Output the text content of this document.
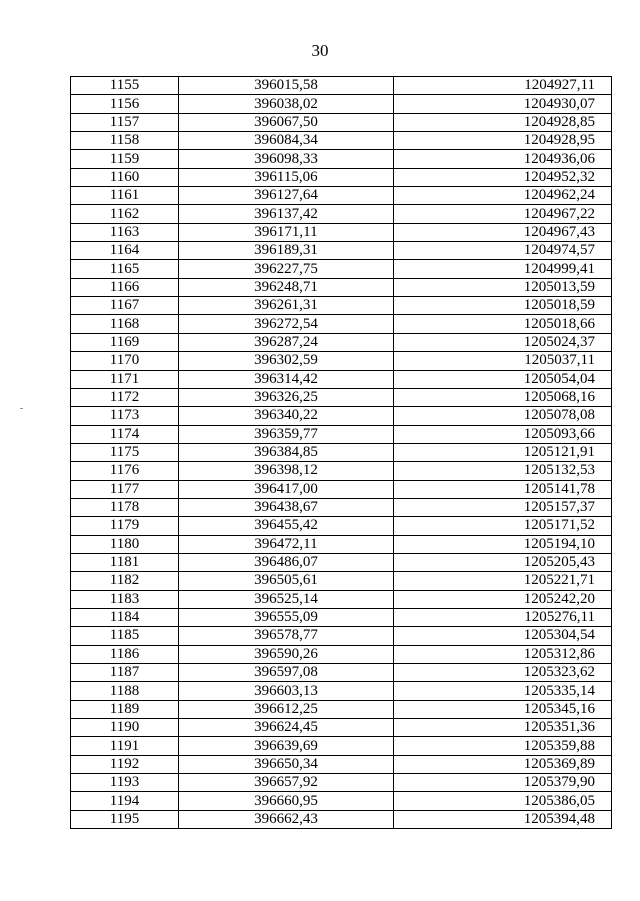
30
1155	396015,58	1204927,11
1156	396038,02	1204930,07
1157	396067,50	1204928,85
1158	396084,34	1204928,95
1159	396098,33	1204936,06
1160	396115,06	1204952,32
1161	396127,64	1204962,24
1162	396137,42	1204967,22
1163	396171,11	1204967,43
1164	396189,31	1204974,57
1165	396227,75	1204999,41
1166	396248,71	1205013,59
1167	396261,31	1205018,59
1168	396272,54	1205018,66
1169	396287,24	1205024,37
1170	396302,59	1205037,11
1171	396314,42	1205054,04
1172	396326,25	1205068,16
1173	396340,22	1205078,08
1174	396359,77	1205093,66
1175	396384,85	1205121,91
1176	396398,12	1205132,53
1177	396417,00	1205141,78
1178	396438,67	1205157,37
1179	396455,42	1205171,52
1180	396472,11	1205194,10
1181	396486,07	1205205,43
1182	396505,61	1205221,71
1183	396525,14	1205242,20
1184	396555,09	1205276,11
1185	396578,77	1205304,54
1186	396590,26	1205312,86
1187	396597,08	1205323,62
1188	396603,13	1205335,14
1189	396612,25	1205345,16
1190	396624,45	1205351,36
1191	396639,69	1205359,88
1192	396650,34	1205369,89
1193	396657,92	1205379,90
1194	396660,95	1205386,05
1195	396662,43	1205394,48
